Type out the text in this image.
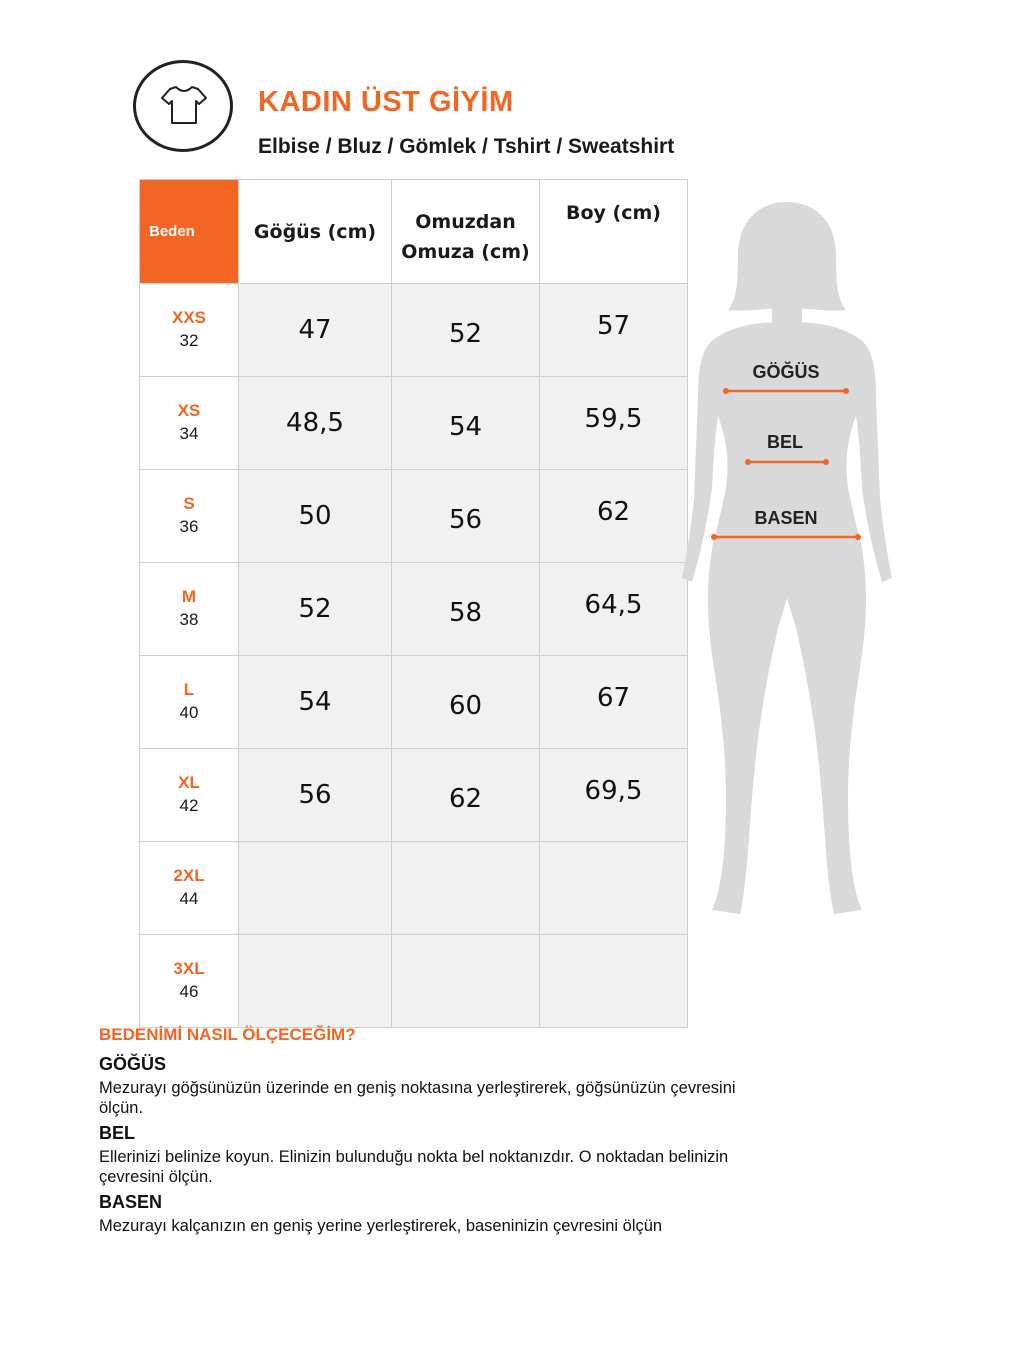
KADIN ÜST GİYİM
Elbise / Bluz / Gömlek / Tshirt / Sweatshirt
Beden	Göğüs (cm)	Omuzdan
Omuza (cm)	Boy (cm)

XXS
32	47	52	57

XS
34	48,5	54	59,5

S
36	50	56	62

M
38	52	58	64,5

L
40	54	60	67

XL
42	56	62	69,5

2XL
44			

3XL
46			

GÖĞÜS
BEL
BASEN
BEDENİMİ NASIL ÖLÇECEĞİM?
GÖĞÜS
Mezurayı göğsünüzün üzerinde en geniş noktasına yerleştirerek, göğsünüzün çevresini ölçün.
BEL
Ellerinizi belinize koyun. Elinizin bulunduğu nokta bel noktanızdır. O noktadan belinizin çevresini ölçün.
BASEN
Mezurayı kalçanızın en geniş yerine yerleştirerek, baseninizin çevresini ölçün
